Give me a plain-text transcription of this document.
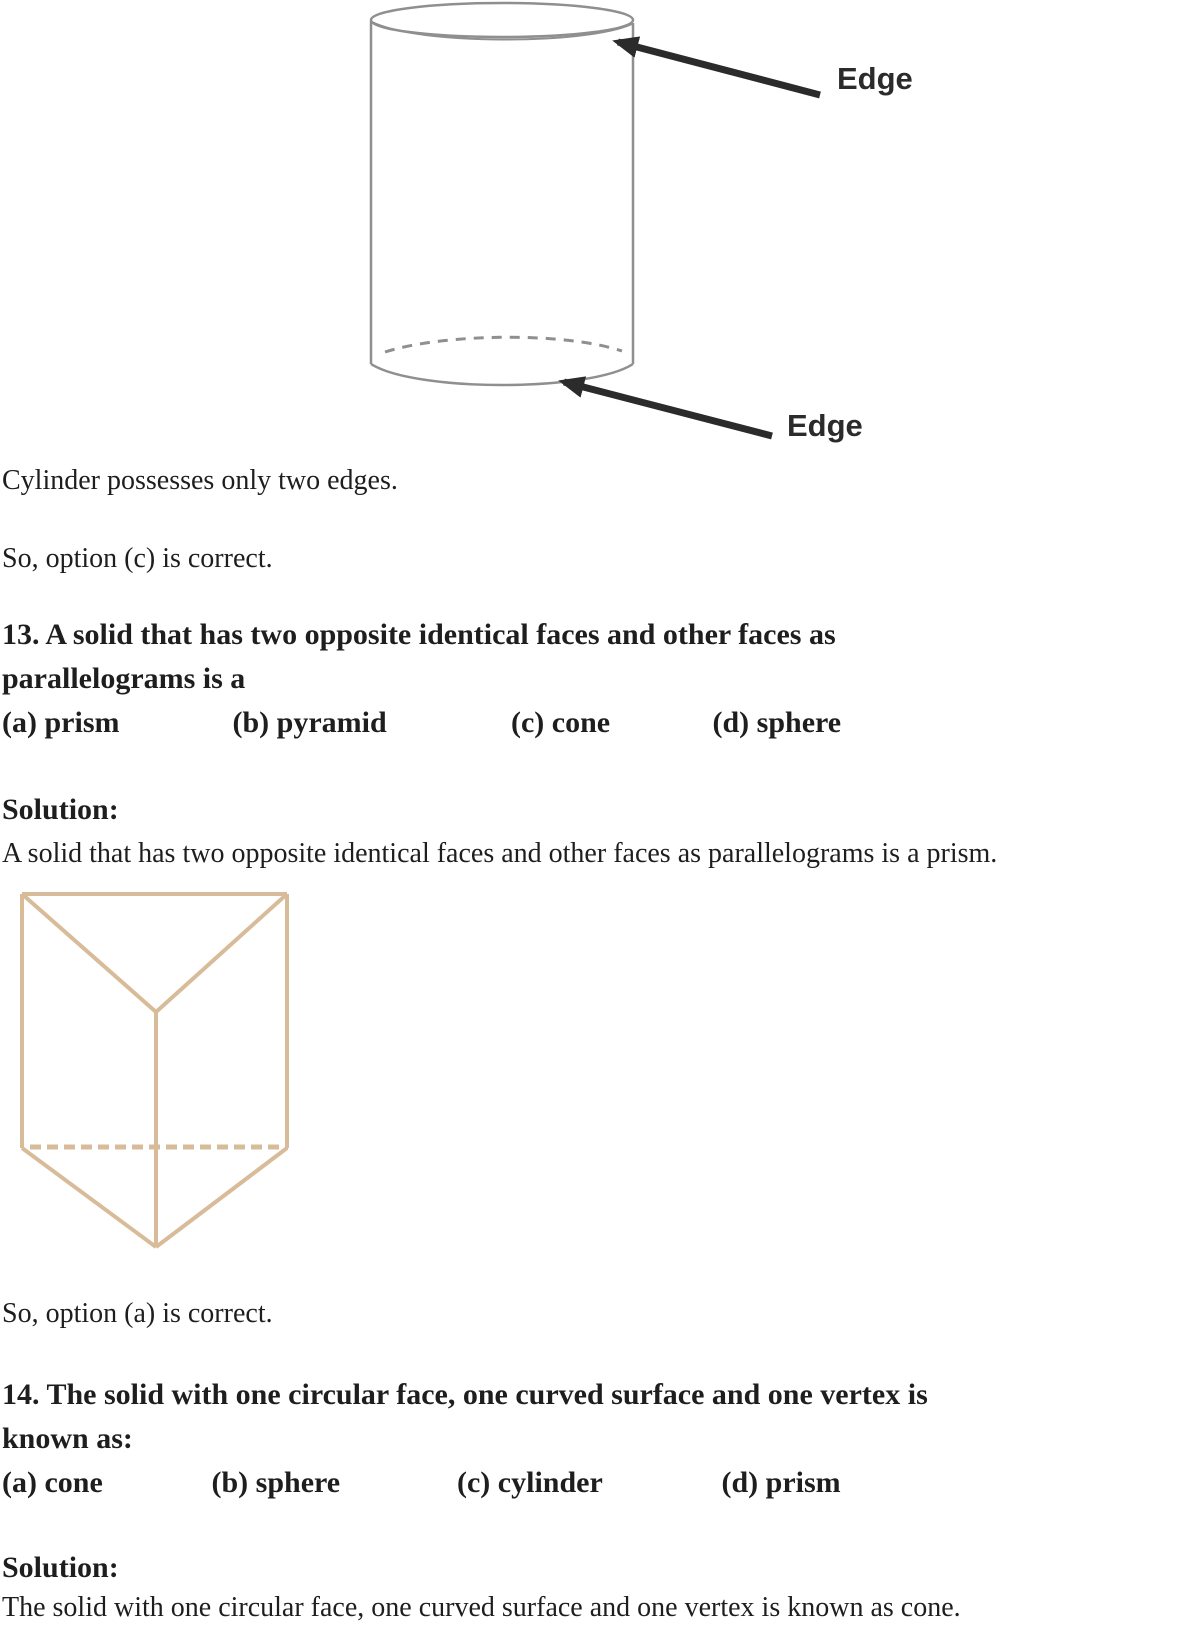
Edge
Edge
Cylinder possesses only two edges.
So, option (c) is correct.
13. A solid that has two opposite identical faces and other faces as
parallelograms is a
(a) prism	(b) pyramid	(c) cone	(d) sphere
Solution:
A solid that has two opposite identical faces and other faces as parallelograms is a prism.
So, option (a) is correct.
14. The solid with one circular face, one curved surface and one vertex is
known as:
(a) cone	(b) sphere	(c) cylinder	(d) prism
Solution:
The solid with one circular face, one curved surface and one vertex is known as cone.
